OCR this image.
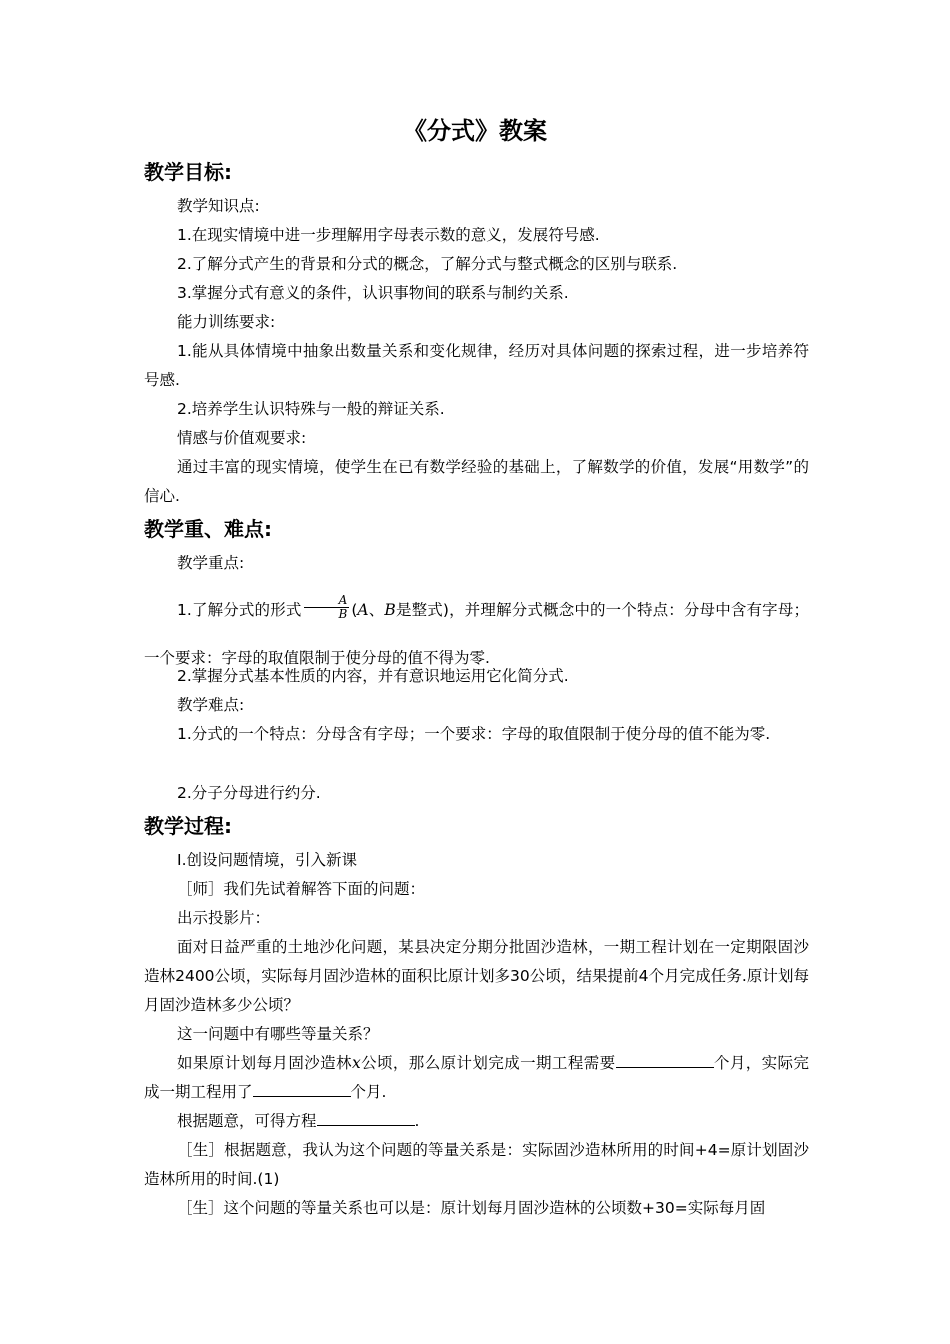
《分式》教案
教学目标:
教学知识点:
1.在现实情境中进一步理解用字母表示数的意义，发展符号感.
2.了解分式产生的背景和分式的概念，了解分式与整式概念的区别与联系.
3.掌握分式有意义的条件，认识事物间的联系与制约关系.
能力训练要求:
1.能从具体情境中抽象出数量关系和变化规律，经历对具体问题的探索过程，进一步培养符号感.
2.培养学生认识特殊与一般的辩证关系.
情感与价值观要求:
通过丰富的现实情境，使学生在已有数学经验的基础上，了解数学的价值，发展“用数学”的信心.
教学重、难点:
教学重点:
1.了解分式的形式 $\frac{A}{B} (A$、B是整式)，并理解分式概念中的一个特点：分母中含有字母；一个要求：字母的取值限制于使分母的值不得为零.
2.掌握分式基本性质的内容，并有意识地运用它化简分式.
教学难点:
1.分式的一个特点：分母含有字母；一个要求：字母的取值限制于使分母的值不能为零.
2.分子分母进行约分.
教学过程:
Ⅰ.创设问题情境，引入新课
［师］我们先试着解答下面的问题：
出示投影片：
面对日益严重的土地沙化问题，某县决定分期分批固沙造林，一期工程计划在一定期限固沙造林2400公顷，实际每月固沙造林的面积比原计划多30公顷，结果提前4个月完成任务.原计划每月固沙造林多少公顷？
这一问题中有哪些等量关系？
如果原计划每月固沙造林x公顷，那么原计划完成一期工程需要	个月，实际完成一期工程用了	个月.
根据题意，可得方程	.
［生］根据题意，我认为这个问题的等量关系是：实际固沙造林所用的时间+4=原计划固沙造林所用的时间.(1)
［生］这个问题的等量关系也可以是：原计划每月固沙造林的公顷数+30=实际每月固
